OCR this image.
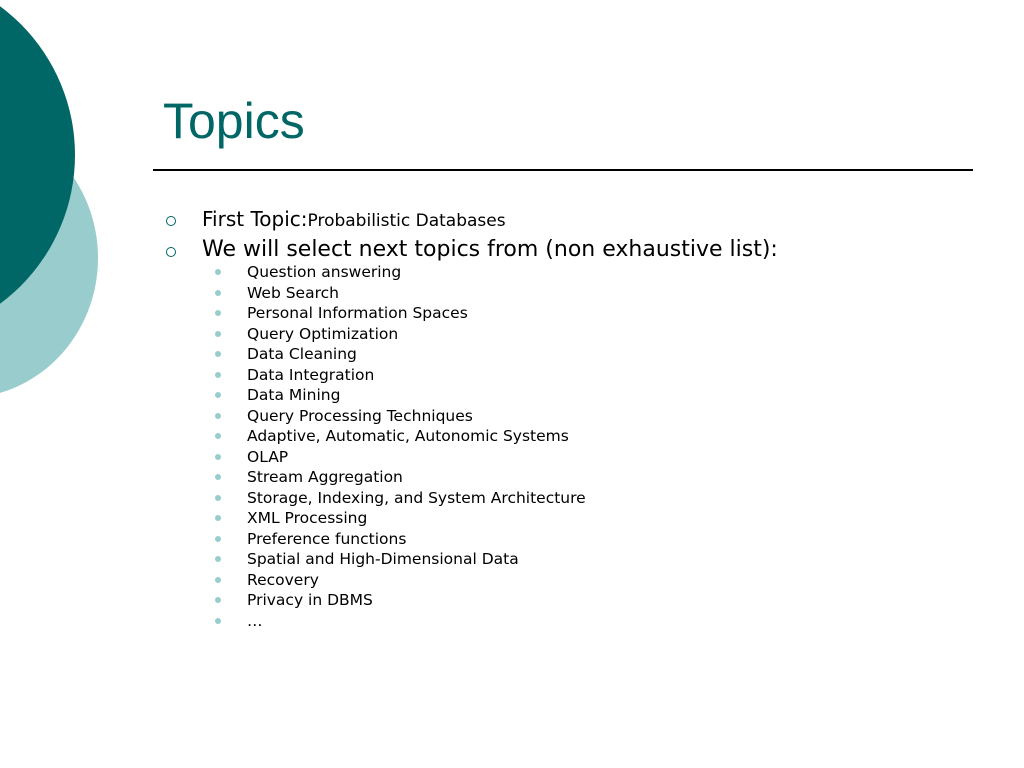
Topics
First Topic:Probabilistic Databases
We will select next topics from (non exhaustive list):
Question answering
Web Search
Personal Information Spaces
Query Optimization
Data Cleaning
Data Integration
Data Mining
Query Processing Techniques
Adaptive, Automatic, Autonomic Systems
OLAP
Stream Aggregation
Storage, Indexing, and System Architecture
XML Processing
Preference functions
Spatial and High-Dimensional Data
Recovery
Privacy in DBMS
…
